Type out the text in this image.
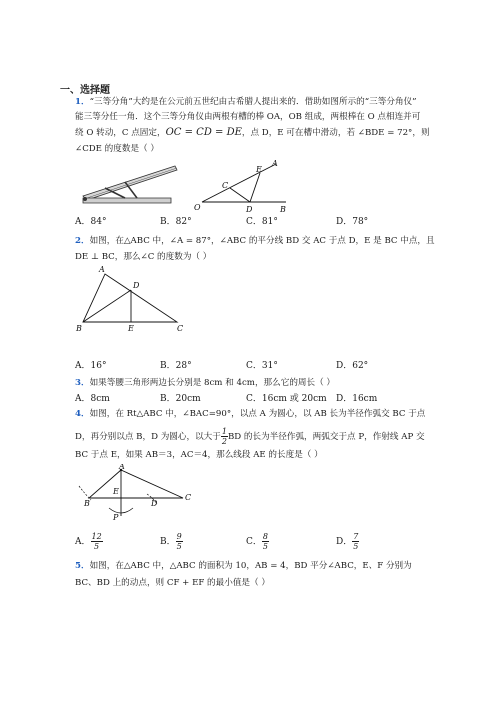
一、选择题
1．“三等分角”大约是在公元前五世纪由古希腊人提出来的．借助如图所示的“三等分角仪”
能三等分任一角．这个三等分角仪由两根有槽的棒 OA，OB 组成，两根棒在 O 点相连并可
绕 O 转动，C 点固定，OC = CD = DE，点 D，E 可在槽中滑动，若 ∠BDE = 72°，则
∠CDE 的度数是（ ）
A
E
C
O	D	B
A．84°	B．82°	C．81°	D．78°
2．如图，在△ABC 中，∠A = 87°，∠ABC 的平分线 BD 交 AC 于点 D，E 是 BC 中点，且
DE ⊥ BC，那么∠C 的度数为（ ）
A
D
B	E	C
A．16°	B．28°	C．31°	D．62°
3．如果等腰三角形两边长分别是 8cm 和 4cm，那么它的周长（ ）
A．8cm	B．20cm	C．16cm 或 20cm D．16cm
4．如图，在 Rt△ABC 中，∠BAC=90°，以点 A 为圆心，以 AB 长为半径作弧交 BC 于点
D，再分别以点 B，D 为圆心，以大于 $\frac{1}{2}$ BD 的长为半径作弧，两弧交于点 P，作射线 AP 交
BC 于点 E，如果 AB＝3，AC＝4，那么线段 AE 的长度是（ ）
A
E
B	D
C
P
A． $\frac{12}{5}$	B． $\frac{9}{5}$	C． $\frac{8}{5}$	D． $\frac{7}{5}$
5．如图，在△ABC 中，△ABC 的面积为 10，AB = 4，BD 平分∠ABC，E、F 分别为
BC、BD 上的动点，则 CF + EF 的最小值是（ ）
